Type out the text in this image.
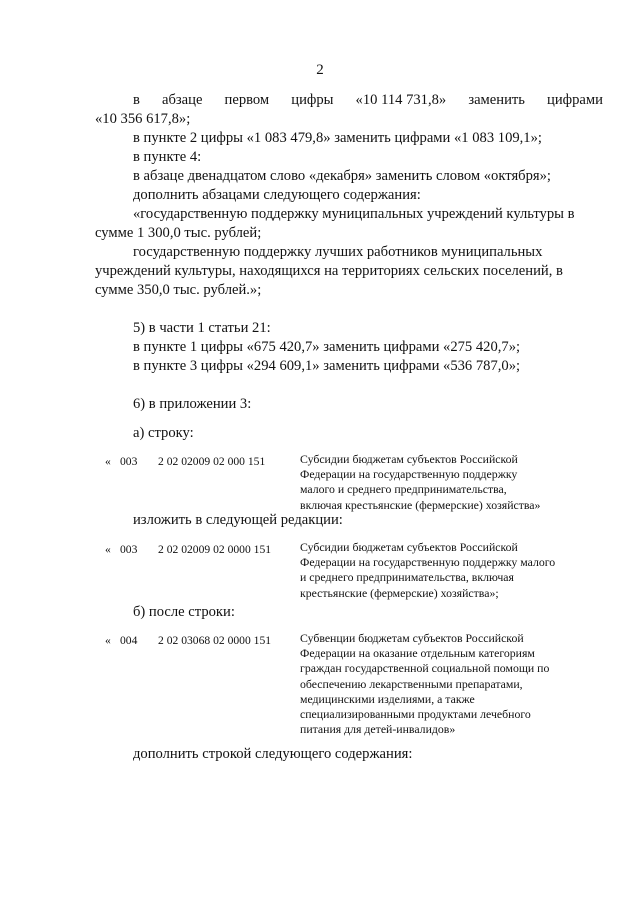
2
в абзаце первом цифры «10 114 731,8» заменить цифрами
«10 356 617,8»;
в пункте 2 цифры «1 083 479,8» заменить цифрами «1 083 109,1»;
в пункте 4:
в абзаце двенадцатом слово «декабря» заменить словом «октября»;
дополнить абзацами следующего содержания:
«государственную поддержку муниципальных учреждений культуры в
сумме 1 300,0 тыс. рублей;
государственную поддержку лучших работников муниципальных
учреждений культуры, находящихся на территориях сельских поселений, в
сумме 350,0 тыс. рублей.»;
5) в части 1 статьи 21:
в пункте 1 цифры «675 420,7» заменить цифрами «275 420,7»;
в пункте 3 цифры «294 609,1» заменить цифрами «536 787,0»;
6) в приложении 3:
а) строку:
« 003 2 02 02009 02 000 151	Субсидии бюджетам субъектов Российской
Федерации на государственную поддержку
малого и среднего предпринимательства,
включая крестьянские (фермерские) хозяйства»
изложить в следующей редакции:
« 003 2 02 02009 02 0000 151 Субсидии бюджетам субъектов Российской
Федерации на государственную поддержку малого
и среднего предпринимательства, включая
крестьянские (фермерские) хозяйства»;
б) после строки:
« 004 2 02 03068 02 0000 151 Субвенции бюджетам субъектов Российской
Федерации на оказание отдельным категориям
граждан государственной социальной помощи по
обеспечению лекарственными препаратами,
медицинскими изделиями, а также
специализированными продуктами лечебного
питания для детей-инвалидов»
дополнить строкой следующего содержания:
